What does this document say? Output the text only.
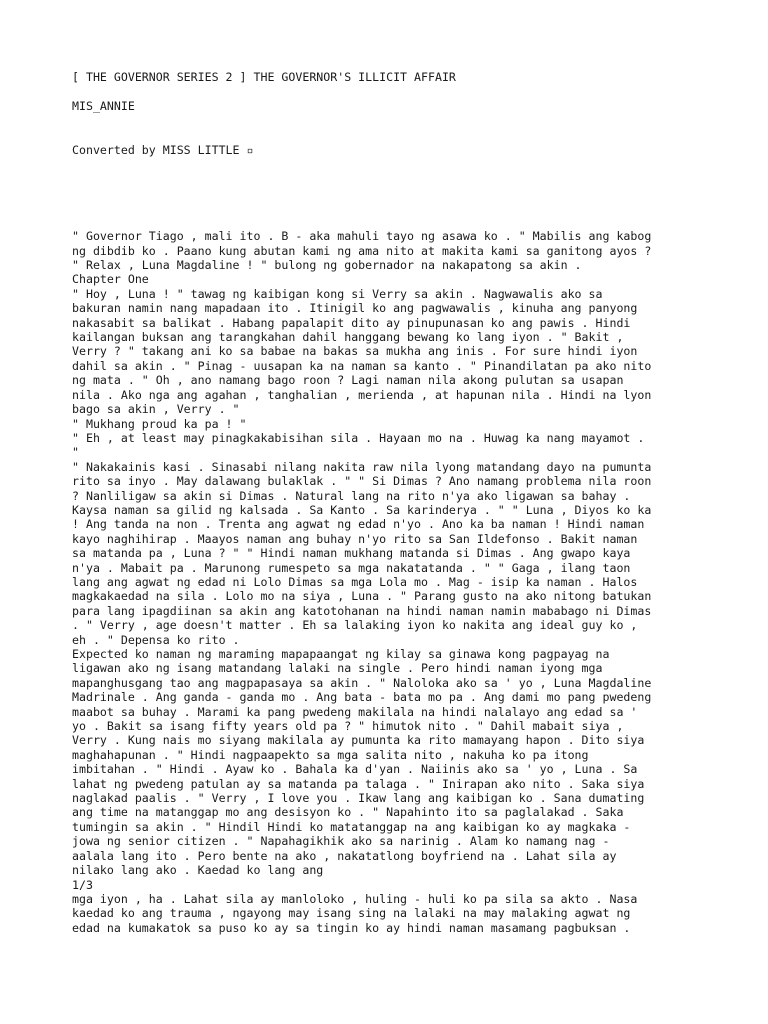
[ THE GOVERNOR SERIES 2 ] THE GOVERNOR'S ILLICIT AFFAIR
MIS_ANNIE
Converted by MISS LITTLE ▫
" Governor Tiago , mali ito . B - aka mahuli tayo ng asawa ko . " Mabilis ang kabog
ng dibdib ko . Paano kung abutan kami ng ama nito at makita kami sa ganitong ayos ?
" Relax , Luna Magdaline ! " bulong ng gobernador na nakapatong sa akin .
Chapter One
" Hoy , Luna ! " tawag ng kaibigan kong si Verry sa akin . Nagwawalis ako sa
bakuran namin nang mapadaan ito . Itinigil ko ang pagwawalis , kinuha ang panyong
nakasabit sa balikat . Habang papalapit dito ay pinupunasan ko ang pawis . Hindi
kailangan buksan ang tarangkahan dahil hanggang bewang ko lang iyon . " Bakit ,
Verry ? " takang ani ko sa babae na bakas sa mukha ang inis . For sure hindi iyon
dahil sa akin . " Pinag - uusapan ka na naman sa kanto . " Pinandilatan pa ako nito
ng mata . " Oh , ano namang bago roon ? Lagi naman nila akong pulutan sa usapan
nila . Ako nga ang agahan , tanghalian , merienda , at hapunan nila . Hindi na lyon
bago sa akin , Verry . "
" Mukhang proud ka pa ! "
" Eh , at least may pinagkakabisihan sila . Hayaan mo na . Huwag ka nang mayamot .
"
" Nakakainis kasi . Sinasabi nilang nakita raw nila lyong matandang dayo na pumunta
rito sa inyo . May dalawang bulaklak . " " Si Dimas ? Ano namang problema nila roon
? Nanliligaw sa akin si Dimas . Natural lang na rito n'ya ako ligawan sa bahay .
Kaysa naman sa gilid ng kalsada . Sa Kanto . Sa karinderya . " " Luna , Diyos ko ka
! Ang tanda na non . Trenta ang agwat ng edad n'yo . Ano ka ba naman ! Hindi naman
kayo naghihirap . Maayos naman ang buhay n'yo rito sa San Ildefonso . Bakit naman
sa matanda pa , Luna ? " " Hindi naman mukhang matanda si Dimas . Ang gwapo kaya
n'ya . Mabait pa . Marunong rumespeto sa mga nakatatanda . " " Gaga , ilang taon
lang ang agwat ng edad ni Lolo Dimas sa mga Lola mo . Mag - isip ka naman . Halos
magkakaedad na sila . Lolo mo na siya , Luna . " Parang gusto na ako nitong batukan
para lang ipagdiinan sa akin ang katotohanan na hindi naman namin mababago ni Dimas
. " Verry , age doesn't matter . Eh sa lalaking iyon ko nakita ang ideal guy ko ,
eh . " Depensa ko rito .
Expected ko naman ng maraming mapapaangat ng kilay sa ginawa kong pagpayag na
ligawan ako ng isang matandang lalaki na single . Pero hindi naman iyong mga
mapanghusgang tao ang magpapasaya sa akin . " Naloloka ako sa ' yo , Luna Magdaline
Madrinale . Ang ganda - ganda mo . Ang bata - bata mo pa . Ang dami mo pang pwedeng
maabot sa buhay . Marami ka pang pwedeng makilala na hindi nalalayo ang edad sa '
yo . Bakit sa isang fifty years old pa ? " himutok nito . " Dahil mabait siya ,
Verry . Kung nais mo siyang makilala ay pumunta ka rito mamayang hapon . Dito siya
maghahapunan . " Hindi nagpaapekto sa mga salita nito , nakuha ko pa itong
imbitahan . " Hindi . Ayaw ko . Bahala ka d'yan . Naiinis ako sa ' yo , Luna . Sa
lahat ng pwedeng patulan ay sa matanda pa talaga . " Inirapan ako nito . Saka siya
naglakad paalis . " Verry , I love you . Ikaw lang ang kaibigan ko . Sana dumating
ang time na matanggap mo ang desisyon ko . " Napahinto ito sa paglalakad . Saka
tumingin sa akin . " Hindil Hindi ko matatanggap na ang kaibigan ko ay magkaka -
jowa ng senior citizen . " Napahagikhik ako sa narinig . Alam ko namang nag -
aalala lang ito . Pero bente na ako , nakatatlong boyfriend na . Lahat sila ay
nilako lang ako . Kaedad ko lang ang
1/3
mga iyon , ha . Lahat sila ay manloloko , huling - huli ko pa sila sa akto . Nasa
kaedad ko ang trauma , ngayong may isang sing na lalaki na may malaking agwat ng
edad na kumakatok sa puso ko ay sa tingin ko ay hindi naman masamang pagbuksan .
